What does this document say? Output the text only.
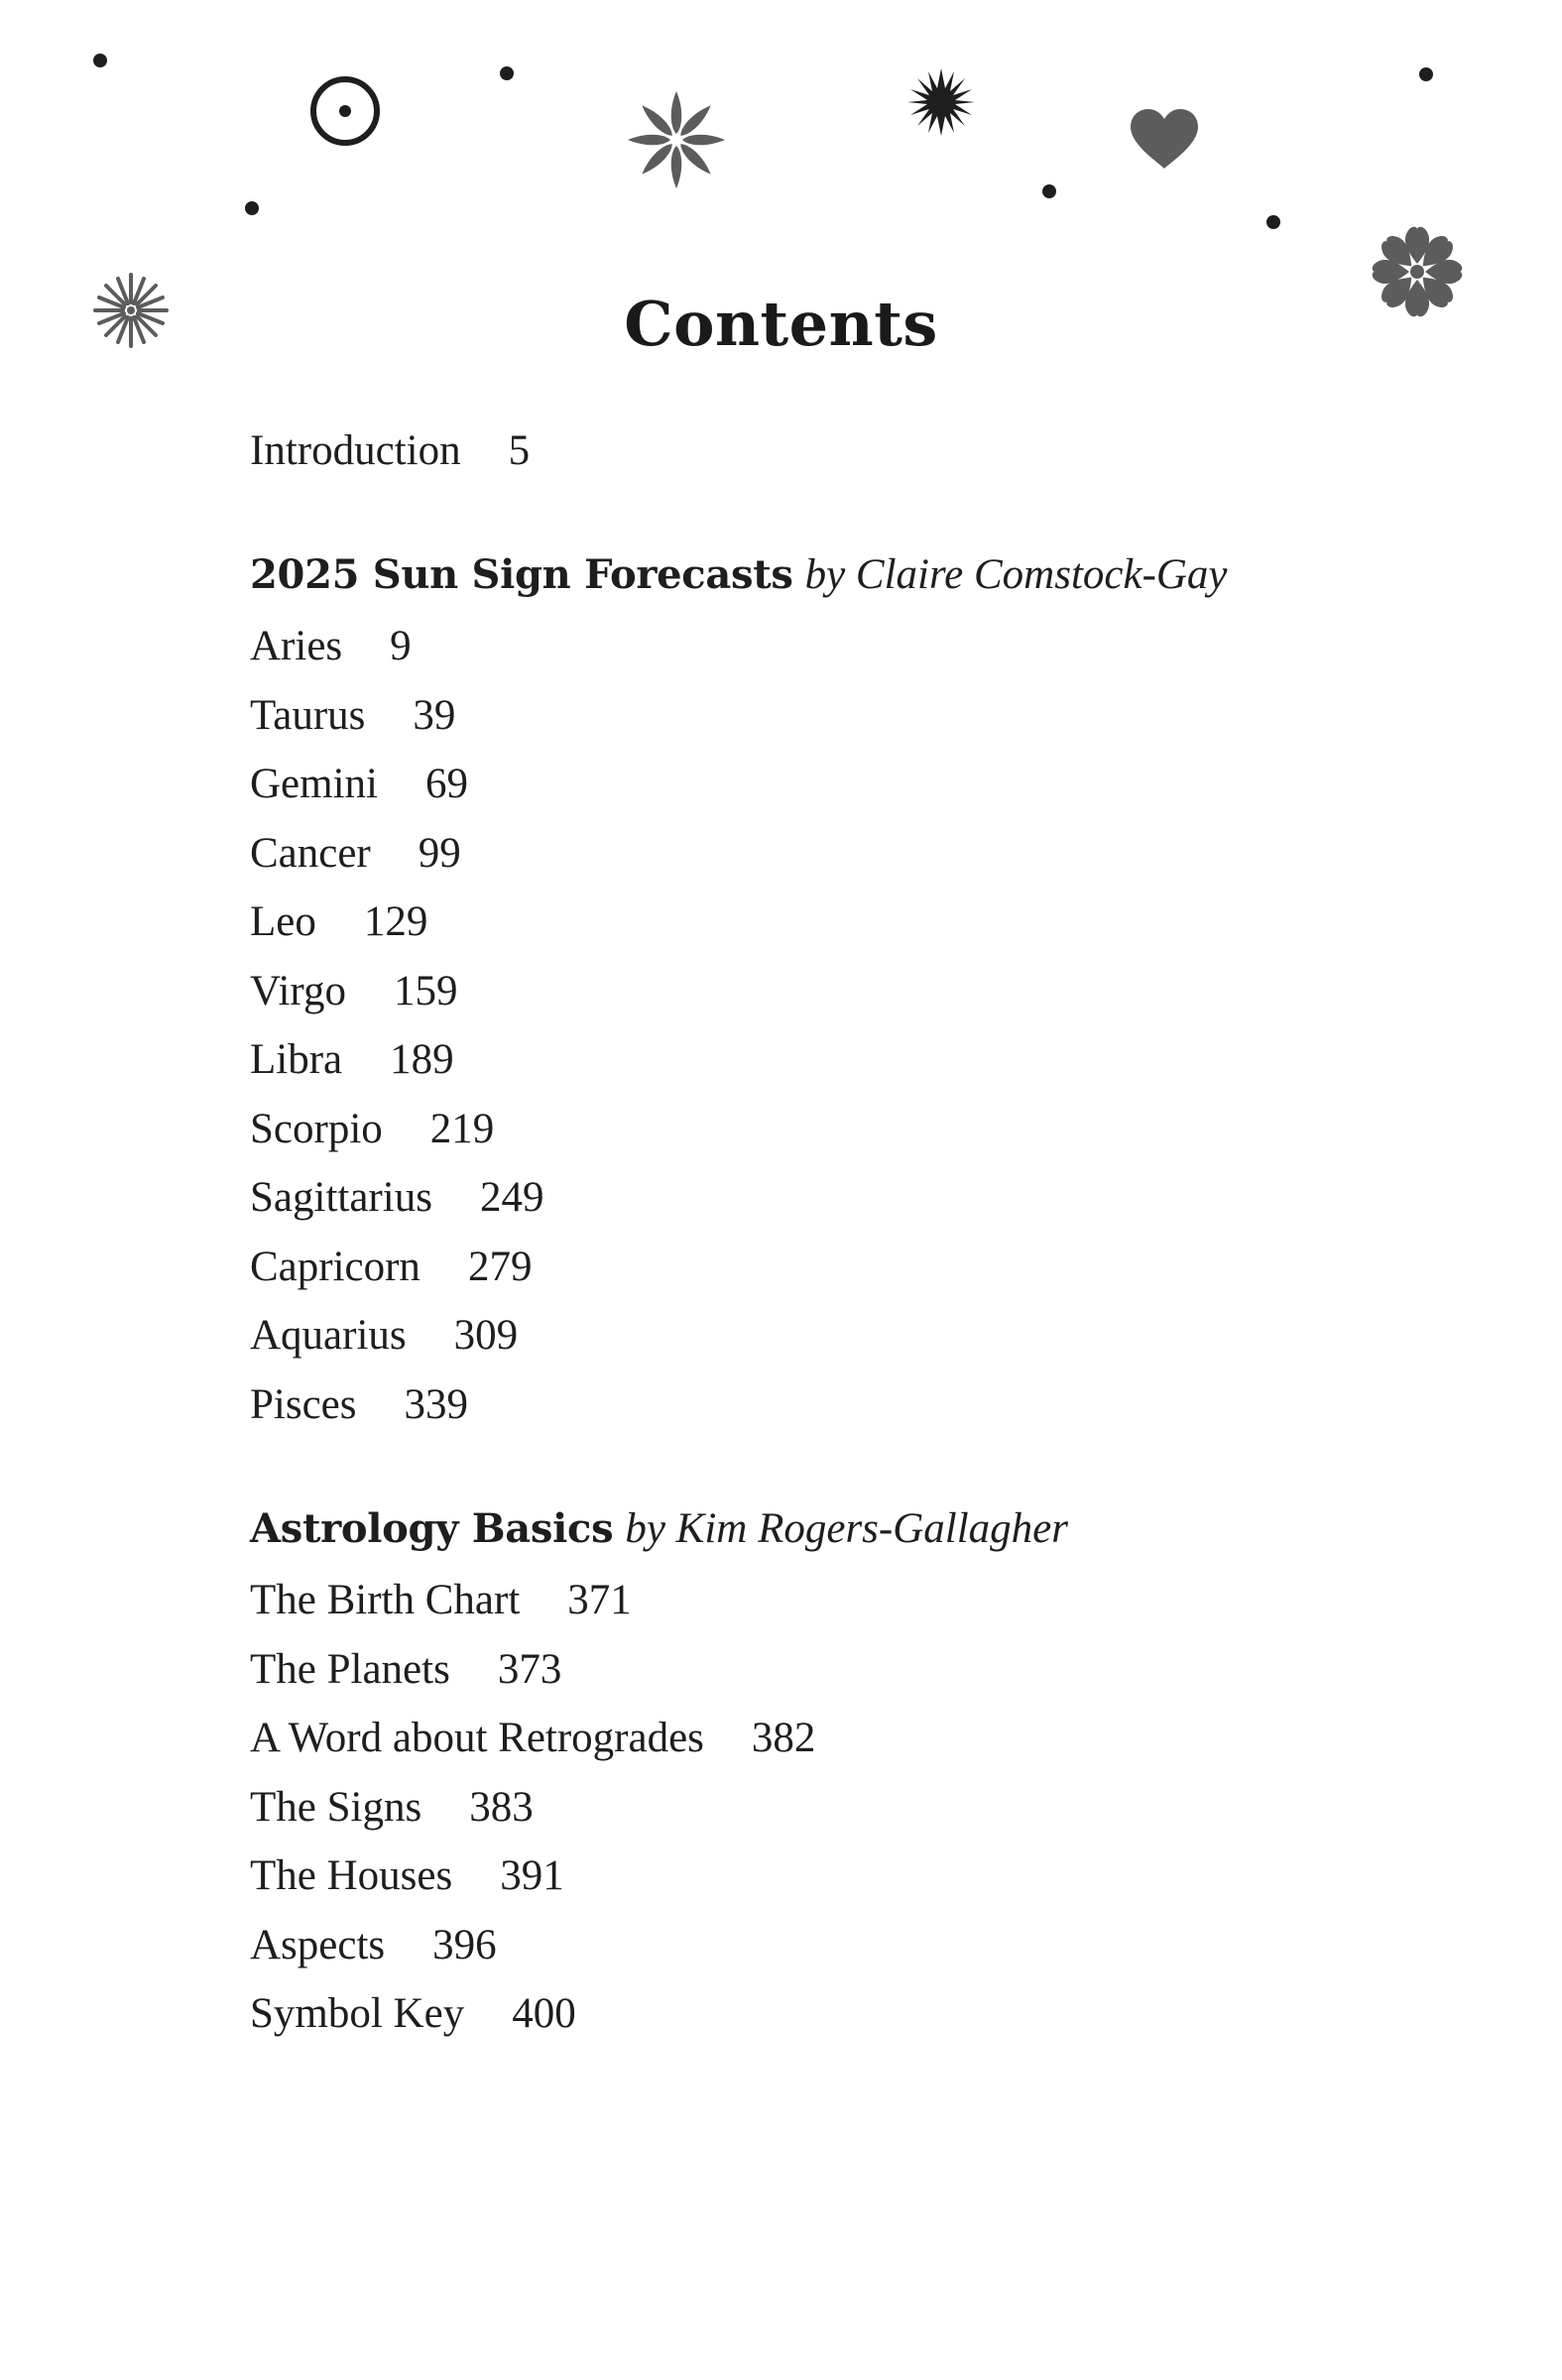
Contents
Introduction 5
2025 Sun Sign Forecasts by Claire Comstock-Gay
Aries 9
Taurus 39
Gemini 69
Cancer 99
Leo 129
Virgo 159
Libra 189
Scorpio 219
Sagittarius 249
Capricorn 279
Aquarius 309
Pisces 339
Astrology Basics by Kim Rogers-Gallagher
The Birth Chart 371
The Planets 373
A Word about Retrogrades 382
The Signs 383
The Houses 391
Aspects 396
Symbol Key 400
